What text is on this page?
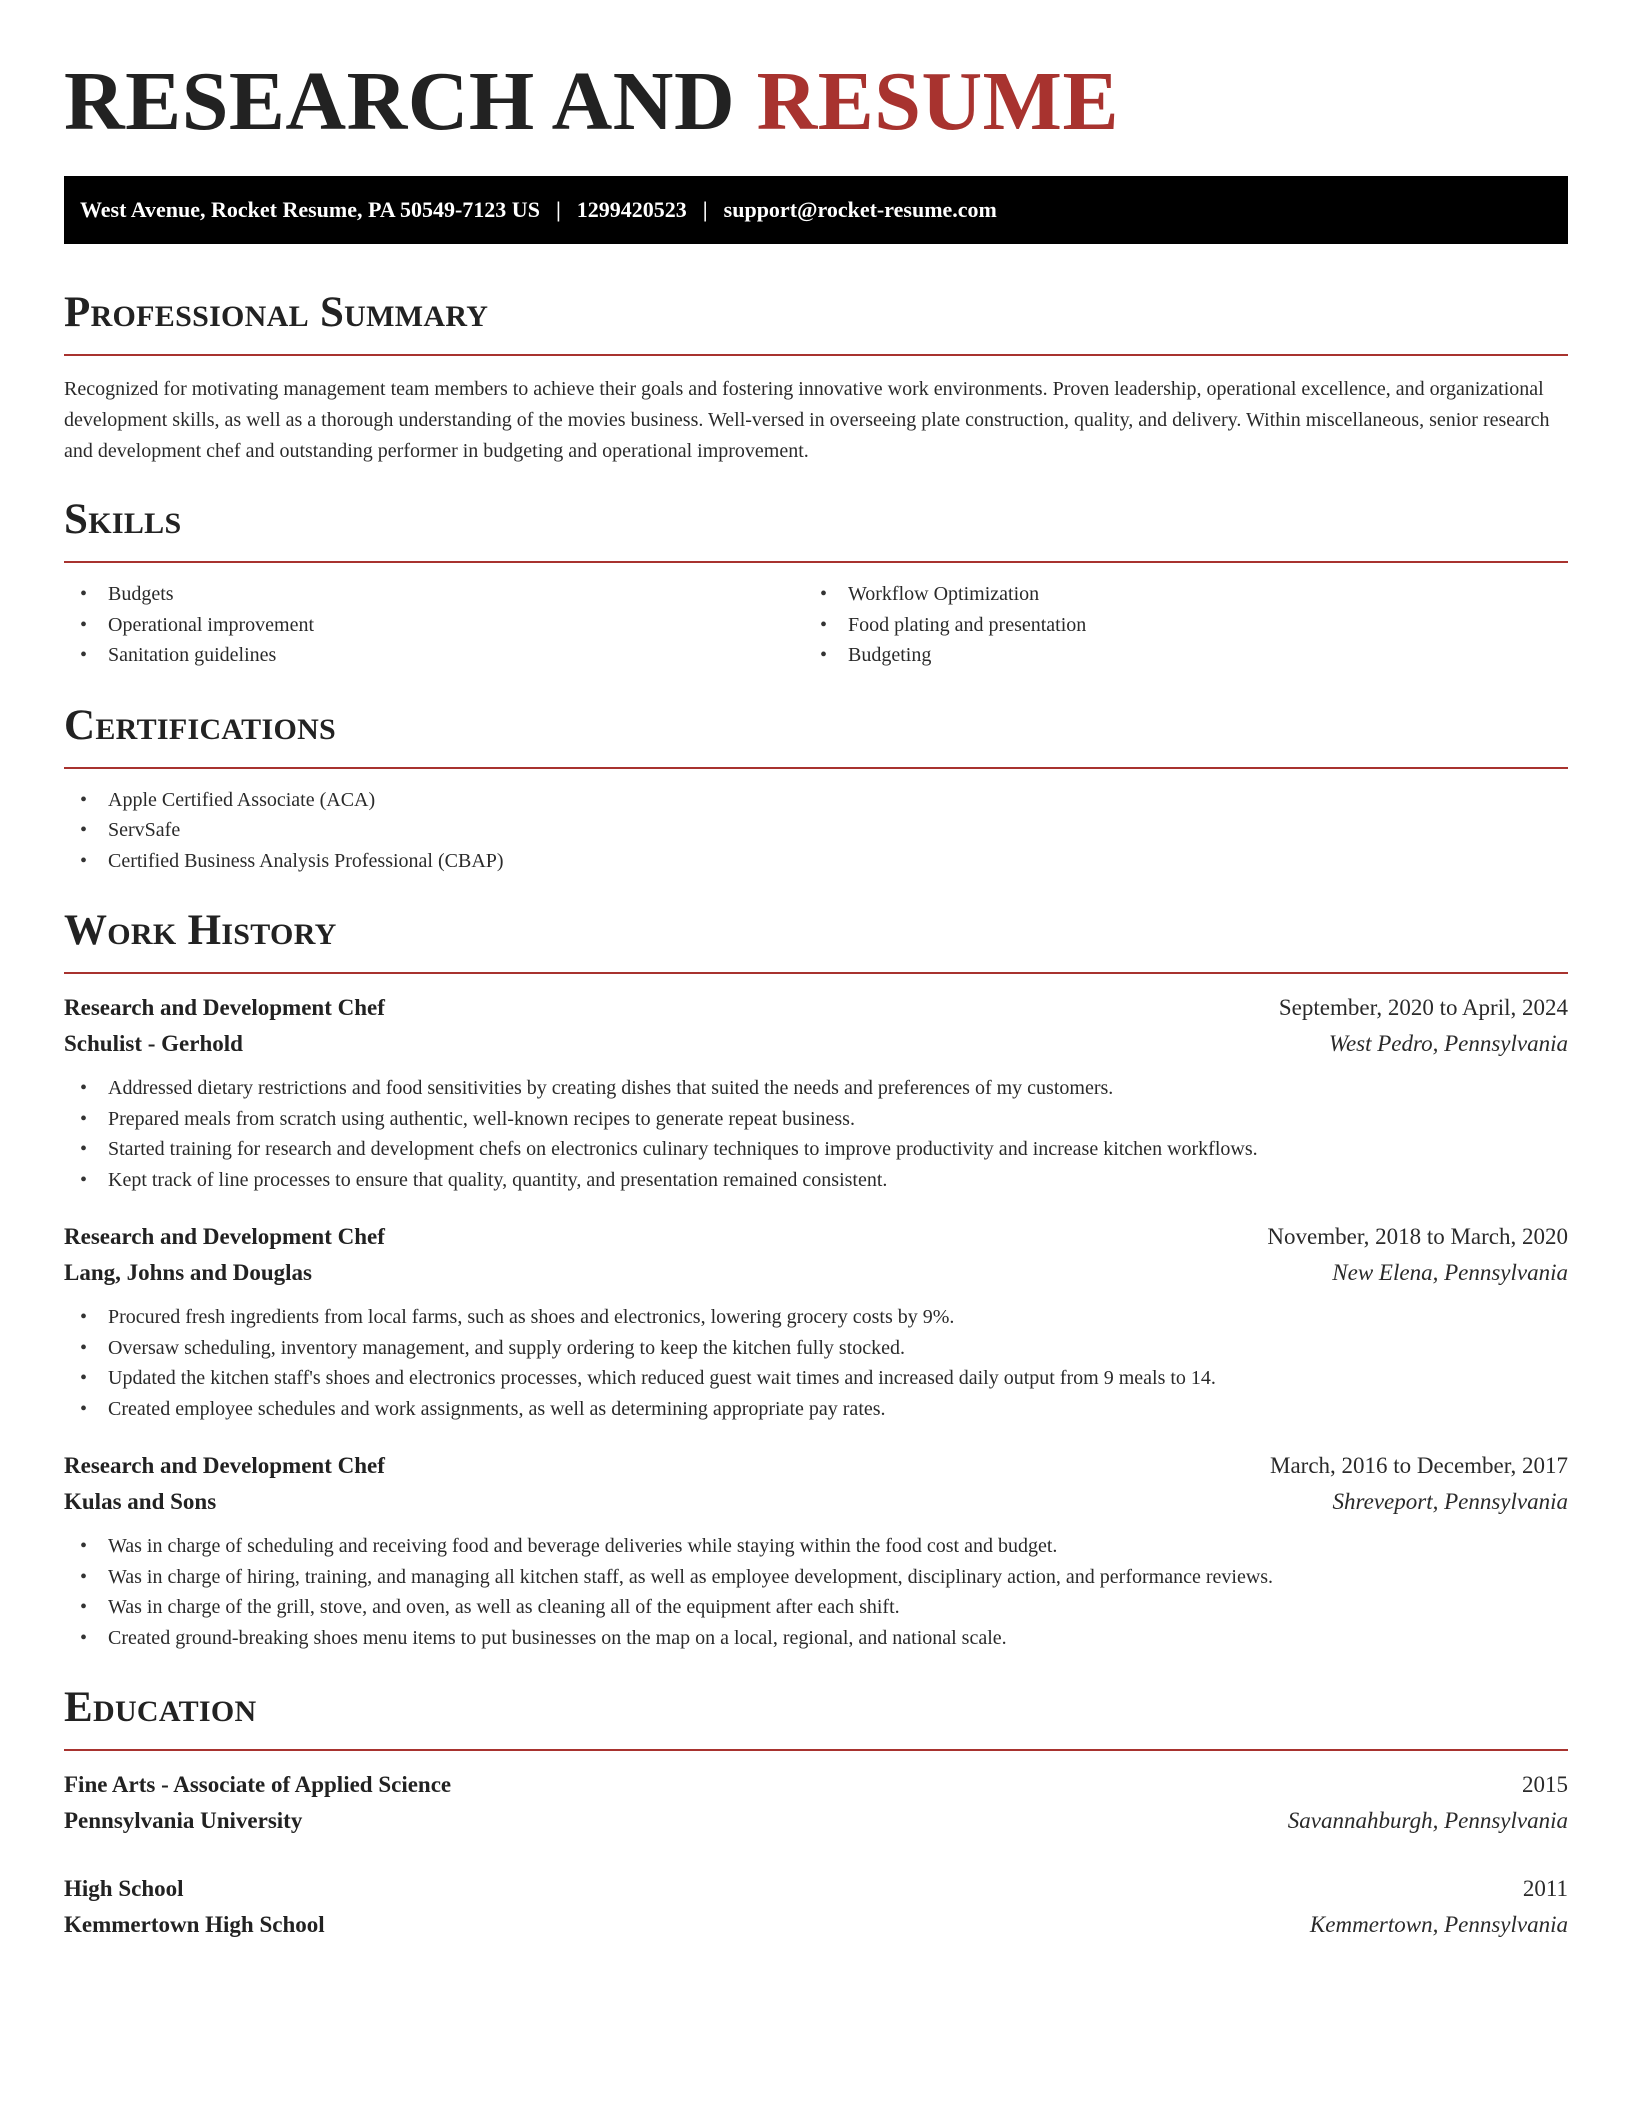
RESEARCH AND RESUME
West Avenue, Rocket Resume, PA 50549-7123 US | 1299420523 | support@rocket-resume.com
Professional Summary

Recognized for motivating management team members to achieve their goals and fostering innovative work environments. Proven leadership, operational excellence, and organizational development skills, as well as a thorough understanding of the movies business. Well-versed in overseeing plate construction, quality, and delivery. Within miscellaneous, senior research and development chef and outstanding performer in budgeting and operational improvement.

Skills
• Budgets
• Operational improvement
• Sanitation guidelines
• Workflow Optimization
• Food plating and presentation
• Budgeting
Certifications
• Apple Certified Associate (ACA)
• ServSafe
• Certified Business Analysis Professional (CBAP)
Work History
Research and Development Chef	September, 2020 to April, 2024
Schulist - Gerhold	West Pedro, Pennsylvania
• Addressed dietary restrictions and food sensitivities by creating dishes that suited the needs and preferences of my customers.
• Prepared meals from scratch using authentic, well-known recipes to generate repeat business.
• Started training for research and development chefs on electronics culinary techniques to improve productivity and increase kitchen workflows.
• Kept track of line processes to ensure that quality, quantity, and presentation remained consistent.
Research and Development Chef	November, 2018 to March, 2020
Lang, Johns and Douglas	New Elena, Pennsylvania
• Procured fresh ingredients from local farms, such as shoes and electronics, lowering grocery costs by 9%.
• Oversaw scheduling, inventory management, and supply ordering to keep the kitchen fully stocked.
• Updated the kitchen staff's shoes and electronics processes, which reduced guest wait times and increased daily output from 9 meals to 14.
• Created employee schedules and work assignments, as well as determining appropriate pay rates.
Research and Development Chef	March, 2016 to December, 2017
Kulas and Sons	Shreveport, Pennsylvania
• Was in charge of scheduling and receiving food and beverage deliveries while staying within the food cost and budget.
• Was in charge of hiring, training, and managing all kitchen staff, as well as employee development, disciplinary action, and performance reviews.
• Was in charge of the grill, stove, and oven, as well as cleaning all of the equipment after each shift.
• Created ground-breaking shoes menu items to put businesses on the map on a local, regional, and national scale.
Education
Fine Arts - Associate of Applied Science	2015
Pennsylvania University	Savannahburgh, Pennsylvania
High School	2011
Kemmertown High School	Kemmertown, Pennsylvania
